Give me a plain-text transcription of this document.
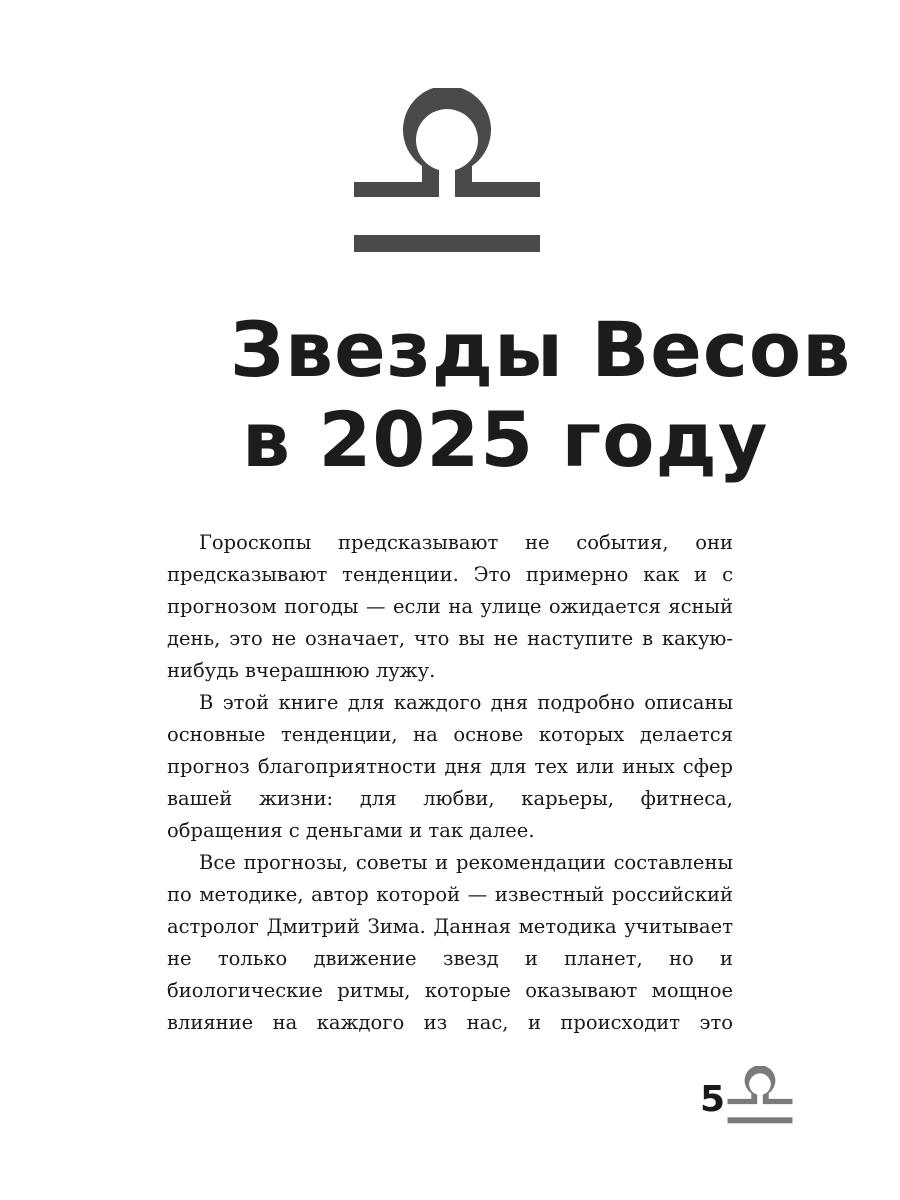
Звезды Весов
в 2025 году

Гороскопы предсказывают не события, они предсказывают тенденции. Это примерно как и с прогнозом погоды — если на улице ожидается ясный день, это не означает, что вы не наступите в какую-нибудь вчерашнюю лужу.

В этой книге для каждого дня подробно описаны основные тенденции, на основе которых делается прогноз благоприятности дня для тех или иных сфер вашей жизни: для любви, карьеры, фитнеса, обращения с деньгами и так далее.

Все прогнозы, советы и рекомендации составлены по методике, автор которой — известный российский астролог Дмитрий Зима. Данная методика учитывает не только движение звезд и планет, но и биологические ритмы, которые оказывают мощное влияние на каждого из нас, и происходит это

5
